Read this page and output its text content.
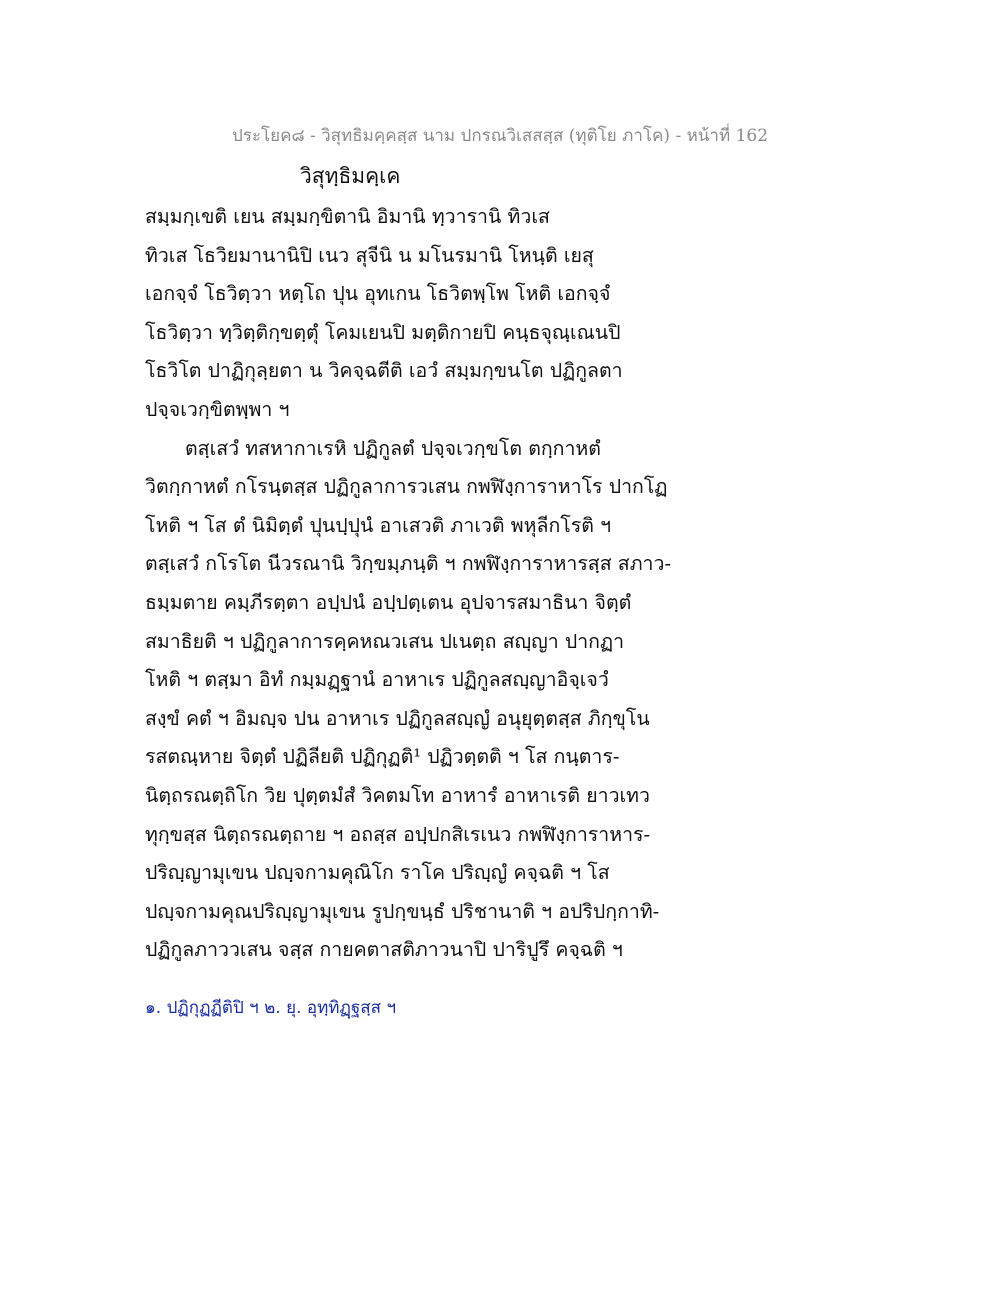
ประโยค๘ - วิสุทธิมคฺคสฺส นาม ปกรณวิเสสสฺส (ทุติโย ภาโค) - หน้าที่ 162
วิสุทฺธิมคฺเค
สมฺมกฺเขติ เยน สมฺมกฺขิตานิ อิมานิ ทฺวารานิ ทิวเส
ทิวเส โธวิยมานานิปิ เนว สุจีนิ น มโนรมานิ โหนฺติ เยสุ
เอกจฺจํ โธวิตฺวา หตฺโถ ปุน อุทเกน โธวิตพฺโพ โหติ เอกจฺจํ
โธวิตฺวา ทฺวิตฺติกฺขตฺตุํ โคมเยนปิ มตฺติกายปิ คนฺธจุณฺเณนปิ
โธวิโต ปาฏิกุลฺยตา น วิคจฺฉตีติ เอวํ สมฺมกฺขนโต ปฏิกูลตา
ปจฺจเวกฺขิตพฺพา ฯ
ตสฺเสวํ ทสหากาเรหิ ปฏิกูลตํ ปจฺจเวกฺขโต ตกฺกาหตํ
วิตกฺกาหตํ กโรนฺตสฺส ปฏิกูลาการวเสน กพฬิงฺการาหาโร ปากโฏ
โหติ ฯ โส ตํ นิมิตฺตํ ปุนปฺปุนํ อาเสวติ ภาเวติ พหุลีกโรติ ฯ
ตสฺเสวํ กโรโต นีวรณานิ วิกฺขมฺภนฺติ ฯ กพฬิงฺการาหารสฺส สภาว-
ธมฺมตาย คมฺภีรตฺตา อปฺปนํ อปฺปตฺเตน อุปจารสมาธินา จิตฺตํ
สมาธิยติ ฯ ปฏิกูลาการคฺคหณวเสน ปเนตฺถ สญฺญา ปากฏา
โหติ ฯ ตสฺมา อิทํ กมฺมฏฺฐานํ อาหาเร ปฏิกูลสญฺญาอิจฺเจวํ
สงฺขํ คตํ ฯ อิมญฺจ ปน อาหาเร ปฏิกูลสญฺญํ อนุยุตฺตสฺส ภิกฺขุโน
รสตณฺหาย จิตฺตํ ปฏิลียติ ปฏิกุฏติ¹ ปฏิวตฺตติ ฯ โส กนฺตาร-
นิตฺถรณตฺถิโก วิย ปุตฺตมํสํ วิคตมโท อาหารํ อาหาเรติ ยาวเทว
ทุกฺขสฺส นิตฺถรณตฺถาย ฯ อถสฺส อปฺปกสิเรเนว กพฬิงฺการาหาร-
ปริญฺญามุเขน ปญฺจกามคุณิโก ราโค ปริญฺญํ คจฺฉติ ฯ โส
ปญฺจกามคุณปริญฺญามุเขน รูปกฺขนฺธํ ปริชานาติ ฯ อปริปกฺกาทิ-
ปฏิกูลภาววเสน จสฺส กายคตาสติภาวนาปิ ปาริปูรึ คจฺฉติ ฯ
๑. ปฏิกุฏฏีติปิ ฯ ๒. ยุ. อุทฺทิฏฺฐสฺส ฯ
